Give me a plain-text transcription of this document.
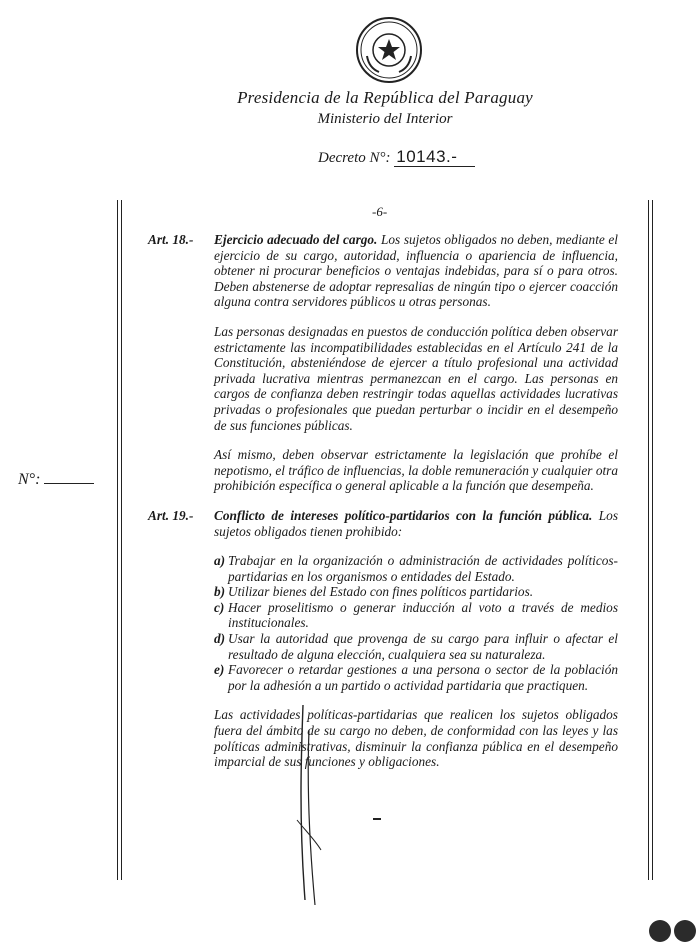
Presidencia de la República del Paraguay
Ministerio del Interior
Decreto N°: 10143.-
N°:
-6-
Art. 18.-	Ejercicio adecuado del cargo. Los sujetos obligados no deben, mediante el ejercicio de su cargo, autoridad, influencia o apariencia de influencia, obtener ni procurar beneficios o ventajas indebidas, para sí o para otros. Deben abstenerse de adoptar represalias de ningún tipo o ejercer coacción alguna contra servidores públicos u otras personas.

Las personas designadas en puestos de conducción política deben observar estrictamente las incompatibilidades establecidas en el Artículo 241 de la Constitución, absteniéndose de ejercer a título profesional una actividad privada lucrativa mientras permanezcan en el cargo. Las personas en cargos de confianza deben restringir todas aquellas actividades lucrativas privadas o profesionales que puedan perturbar o incidir en el desempeño de sus funciones públicas.

Así mismo, deben observar estrictamente la legislación que prohíbe el nepotismo, el tráfico de influencias, la doble remuneración y cualquier otra prohibición específica o general aplicable a la función que desempeña.

Art. 19.-	Conflicto de intereses político-partidarios con la función pública. Los sujetos obligados tienen prohibido:

a) Trabajar en la organización o administración de actividades políticos-partidarias en los organismos o entidades del Estado.
b) Utilizar bienes del Estado con fines políticos partidarios.
c) Hacer proselitismo o generar inducción al voto a través de medios institucionales.
d) Usar la autoridad que provenga de su cargo para influir o afectar el resultado de alguna elección, cualquiera sea su naturaleza.
e) Favorecer o retardar gestiones a una persona o sector de la población por la adhesión a un partido o actividad partidaria que practiquen.

Las actividades políticas-partidarias que realicen los sujetos obligados fuera del ámbito de su cargo no deben, de conformidad con las leyes y las políticas administrativas, disminuir la confianza pública en el desempeño imparcial de sus funciones y obligaciones.
